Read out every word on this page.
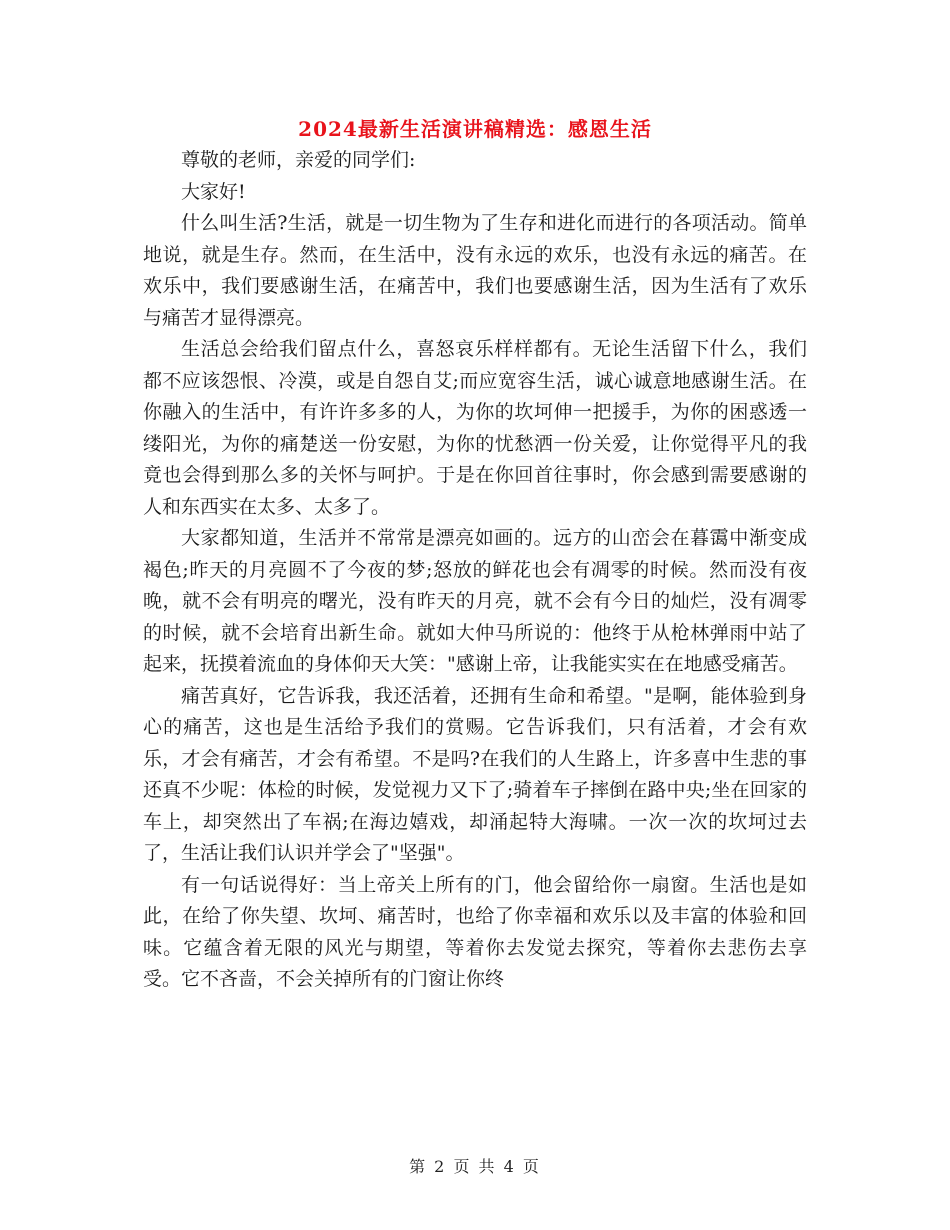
2024最新生活演讲稿精选：感恩生活

尊敬的老师，亲爱的同学们:

大家好!

什么叫生活?生活，就是一切生物为了生存和进化而进行的各项活动。简单地说，就是生存。然而，在生活中，没有永远的欢乐，也没有永远的痛苦。在欢乐中，我们要感谢生活，在痛苦中，我们也要感谢生活，因为生活有了欢乐与痛苦才显得漂亮。

生活总会给我们留点什么，喜怒哀乐样样都有。无论生活留下什么，我们都不应该怨恨、冷漠，或是自怨自艾;而应宽容生活，诚心诚意地感谢生活。在你融入的生活中，有许许多多的人，为你的坎坷伸一把援手，为你的困惑透一缕阳光，为你的痛楚送一份安慰，为你的忧愁洒一份关爱，让你觉得平凡的我竟也会得到那么多的关怀与呵护。于是在你回首往事时，你会感到需要感谢的人和东西实在太多、太多了。

大家都知道，生活并不常常是漂亮如画的。远方的山峦会在暮霭中渐变成褐色;昨天的月亮圆不了今夜的梦;怒放的鲜花也会有凋零的时候。然而没有夜晚，就不会有明亮的曙光，没有昨天的月亮，就不会有今日的灿烂，没有凋零的时候，就不会培育出新生命。就如大仲马所说的：他终于从枪林弹雨中站了起来，抚摸着流血的身体仰天大笑："感谢上帝，让我能实实在在地感受痛苦。

痛苦真好，它告诉我，我还活着，还拥有生命和希望。"是啊，能体验到身心的痛苦，这也是生活给予我们的赏赐。它告诉我们，只有活着，才会有欢乐，才会有痛苦，才会有希望。不是吗?在我们的人生路上，许多喜中生悲的事还真不少呢：体检的时候，发觉视力又下了;骑着车子摔倒在路中央;坐在回家的车上，却突然出了车祸;在海边嬉戏，却涌起特大海啸。一次一次的坎坷过去了，生活让我们认识并学会了"坚强"。

有一句话说得好：当上帝关上所有的门，他会留给你一扇窗。生活也是如此，在给了你失望、坎坷、痛苦时，也给了你幸福和欢乐以及丰富的体验和回味。它蕴含着无限的风光与期望，等着你去发觉去探究，等着你去悲伤去享受。它不吝啬，不会关掉所有的门窗让你终

第 2 页 共 4 页
